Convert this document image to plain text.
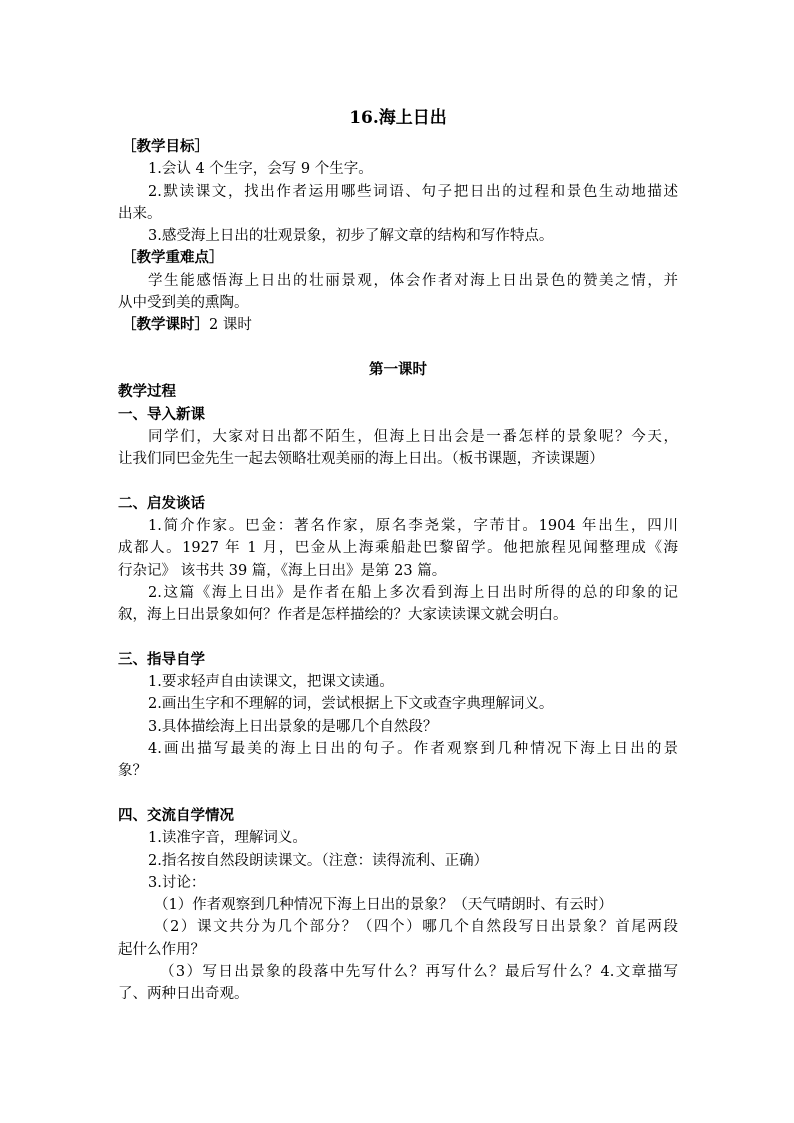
16.海上日出
［教学目标］
1.会认 4 个生字，会写 9 个生字。
2.默读课文，找出作者运用哪些词语、句子把日出的过程和景色生动地描述
出来。
3.感受海上日出的壮观景象，初步了解文章的结构和写作特点。
［教学重难点］
学生能感悟海上日出的壮丽景观，体会作者对海上日出景色的赞美之情，并
从中受到美的熏陶。
［教学课时］2 课时
第一课时
教学过程
一、导入新课
同学们，大家对日出都不陌生，但海上日出会是一番怎样的景象呢？今天，
让我们同巴金先生一起去领略壮观美丽的海上日出。（板书课题，齐读课题）
二、启发谈话
1.简介作家。巴金：著名作家，原名李尧棠，字芾甘。1904 年出生，四川
成都人。1927 年 1 月，巴金从上海乘船赴巴黎留学。他把旅程见闻整理成《海
行杂记》 该书共 39 篇，《海上日出》是第 23 篇。
2.这篇《海上日出》是作者在船上多次看到海上日出时所得的总的印象的记
叙，海上日出景象如何？作者是怎样描绘的？大家读读课文就会明白。
三、指导自学
1.要求轻声自由读课文，把课文读通。
2.画出生字和不理解的词，尝试根据上下文或查字典理解词义。
3.具体描绘海上日出景象的是哪几个自然段？
4.画出描写最美的海上日出的句子。作者观察到几种情况下海上日出的景
象？
四、交流自学情况
1.读准字音，理解词义。
2.指名按自然段朗读课文。（注意：读得流利、正确）
3.讨论：
（1）作者观察到几种情况下海上日出的景象？（天气晴朗时、有云时）
（2）课文共分为几个部分？（四个）哪几个自然段写日出景象？首尾两段
起什么作用？
（3）写日出景象的段落中先写什么？再写什么？最后写什么？4.文章描写
了、两种日出奇观。
